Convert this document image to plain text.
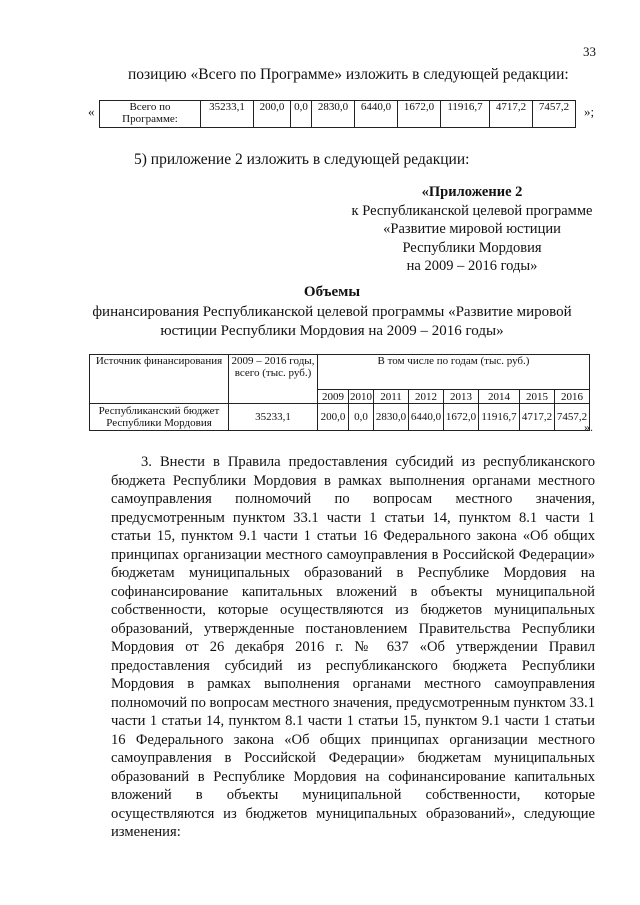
33
позицию «Всего по Программе» изложить в следующей редакции:
«	Всего по Программе:	35233,1	200,0	0,0	2830,0	6440,0	1672,0	11916,7	4717,2	7457,2 »;
5) приложение 2 изложить в следующей редакции:
«Приложение 2
к Республиканской целевой программе
«Развитие мировой юстиции
Республики Мордовия
на 2009 – 2016 годы»
Объемы
финансирования Республиканской целевой программы «Развитие мировой юстиции Республики Мордовия на 2009 – 2016 годы»
Источник финансирования	2009 – 2016 годы, всего (тыс. руб.)	В том числе по годам (тыс. руб.)							
		2009	2010	2011	2012	2013	2014	2015	2016
Республиканский бюджет Республики Мордовия	35233,1	200,0	0,0	2830,0	6440,0	1672,0	11916,7	4717,2	7457,2
».

3. Внести в Правила предоставления субсидий из республиканского бюджета Республики Мордовия в рамках выполнения органами местного самоуправления полномочий по вопросам местного значения, предусмотренным пунктом 33.1 части 1 статьи 14, пунктом 8.1 части 1 статьи 15, пунктом 9.1 части 1 статьи 16 Федерального закона «Об общих принципах организации местного самоуправления в Российской Федерации» бюджетам муниципальных образований в Республике Мордовия на софинансирование капитальных вложений в объекты муниципальной собственности, которые осуществляются из бюджетов муниципальных образований, утвержденные постановлением Правительства Республики Мордовия от 26 декабря 2016 г. № 637 «Об утверждении Правил предоставления субсидий из республиканского бюджета Республики Мордовия в рамках выполнения органами местного самоуправления полномочий по вопросам местного значения, предусмотренным пунктом 33.1 части 1 статьи 14, пунктом 8.1 части 1 статьи 15, пунктом 9.1 части 1 статьи 16 Федерального закона «Об общих принципах организации местного самоуправления в Российской Федерации» бюджетам муниципальных образований в Республике Мордовия на софинансирование капитальных вложений в объекты муниципальной собственности, которые осуществляются из бюджетов муниципальных образований», следующие изменения:
